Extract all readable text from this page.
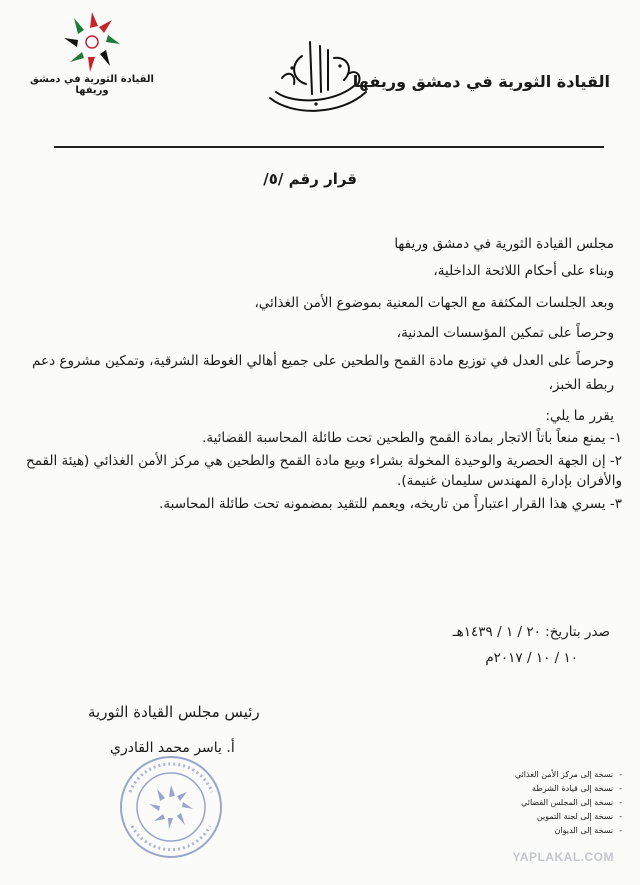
القيادة الثورية في دمشق وريفها	القيادة الثورية في دمشق وريفها
قرار رقم /٥/
مجلس القيادة الثورية في دمشق وريفها
وبناء على أحكام اللائحة الداخلية،
وبعد الجلسات المكثفة مع الجهات المعنية بموضوع الأمن الغذائي،
وحرصاً على تمكين المؤسسات المدنية،
وحرصاً على العدل في توزيع مادة القمح والطحين على جميع أهالي الغوطة الشرقية، وتمكين مشروع دعم ربطة الخبز،
يقرر ما يلي:
١- يمنع منعاً باتاً الاتجار بمادة القمح والطحين تحت طائلة المحاسبة القضائية.
٢- إن الجهة الحصرية والوحيدة المخولة بشراء وبيع مادة القمح والطحين هي مركز الأمن الغذائي (هيئة القمح والأفران بإدارة المهندس سليمان غنيمة).
٣- يسري هذا القرار اعتباراً من تاريخه، ويعمم للتقيد بمضمونه تحت طائلة المحاسبة.
صدر بتاريخ: ٢٠ / ١ / ١٤٣٩هـ
١٠ / ١٠ / ٢٠١٧م
رئيس مجلس القيادة الثورية
أ. ياسر محمد القادري
-
نسخة إلى مركز الأمن الغذائي
-
نسخة إلى قيادة الشرطة
-
نسخة إلى المجلس القضائي
-
نسخة إلى لجنة التموين
-
نسخة إلى الديوان
YAPLAKAL.COM
